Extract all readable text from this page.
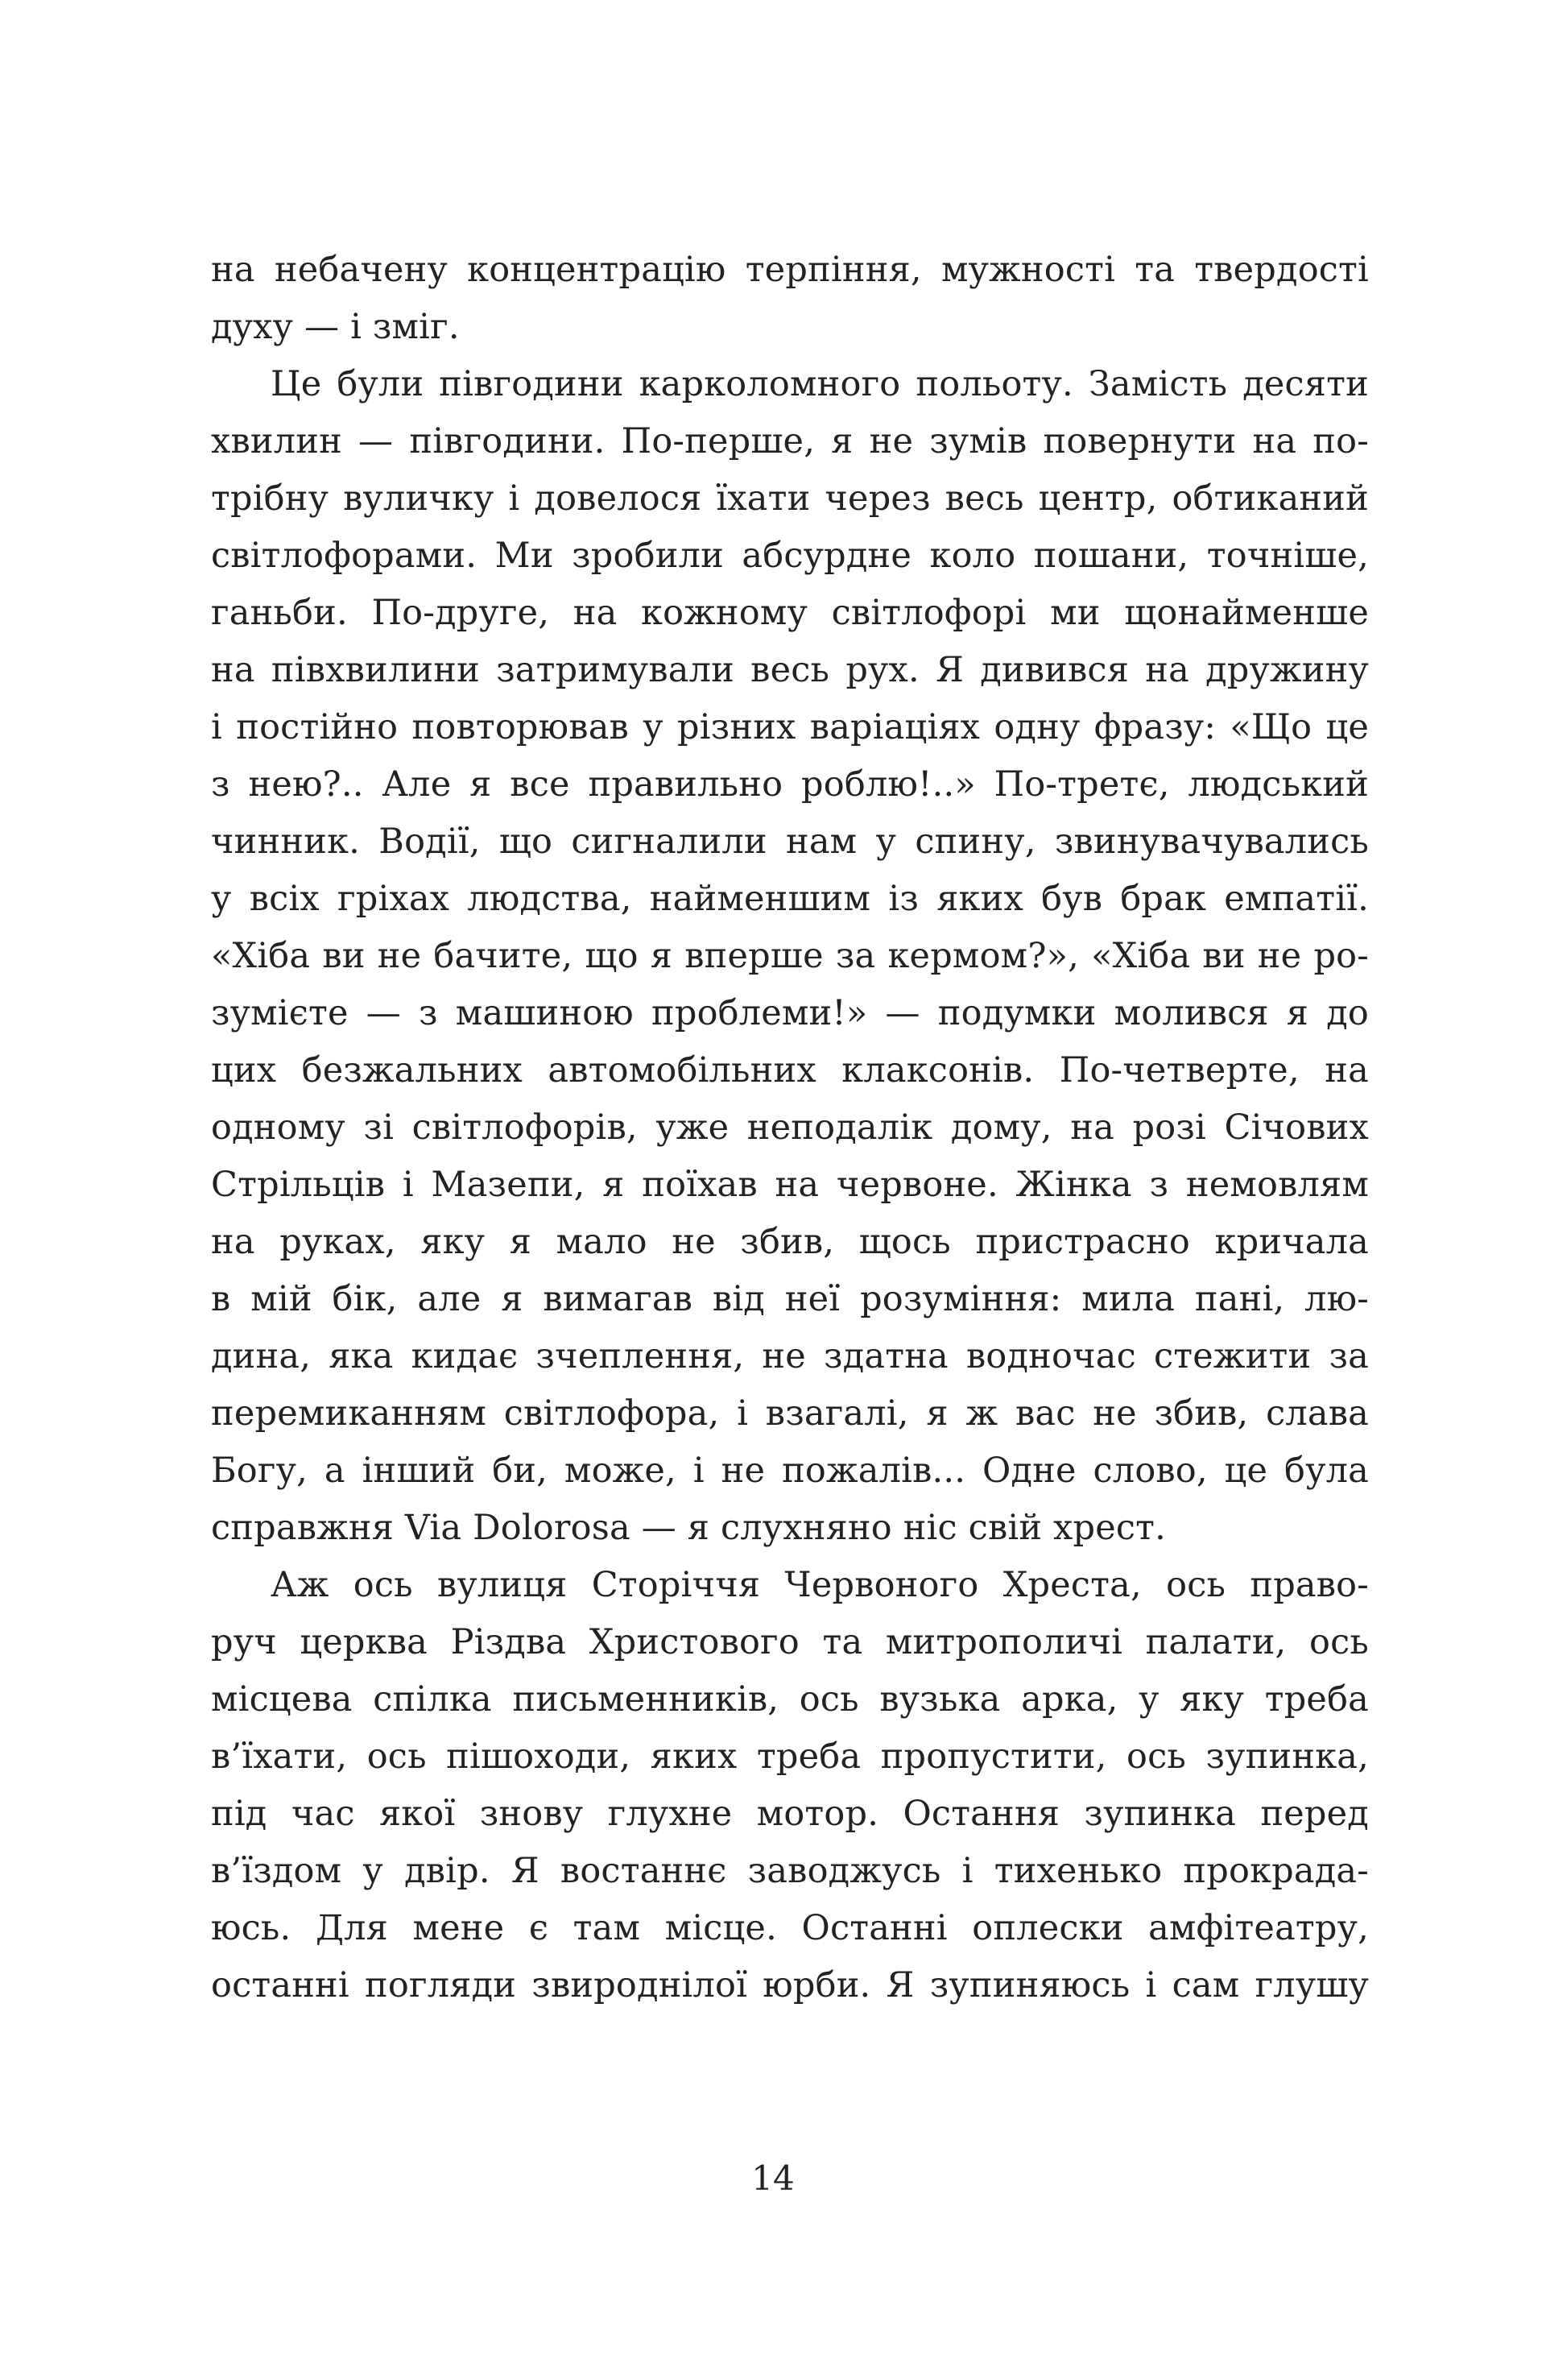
на небачену концентрацію терпіння, мужності та твердості
духу — і зміг.
Це були півгодини карколомного польоту. Замість десяти
хвилин — півгодини. По-перше, я не зумів повернути на по-
трібну вуличку і довелося їхати через весь центр, обтиканий
світлофорами. Ми зробили абсурдне коло пошани, точніше,
ганьби. По-друге, на кожному світлофорі ми щонайменше
на півхвилини затримували весь рух. Я дивився на дружину
і постійно повторював у різних варіаціях одну фразу: «Що це
з нею?.. Але я все правильно роблю!..» По-третє, людський
чинник. Водії, що сигналили нам у спину, звинувачувались
у всіх гріхах людства, найменшим із яких був брак емпатії.
«Хіба ви не бачите, що я вперше за кермом?», «Хіба ви не ро-
зумієте — з машиною проблеми!» — подумки молився я до
цих безжальних автомобільних клаксонів. По-четверте, на
одному зі світлофорів, уже неподалік дому, на розі Січових
Стрільців і Мазепи, я поїхав на червоне. Жінка з немовлям
на руках, яку я мало не збив, щось пристрасно кричала
в мій бік, але я вимагав від неї розуміння: мила пані, лю-
дина, яка кидає зчеплення, не здатна водночас стежити за
перемиканням світлофора, і взагалі, я ж вас не збив, слава
Богу, а інший би, може, і не пожалів... Одне слово, це була
справжня Via Dolorosa — я слухняно ніс свій хрест.
Аж ось вулиця Сторіччя Червоного Хреста, ось право-
руч церква Різдва Христового та митрополичі палати, ось
місцева спілка письменників, ось вузька арка, у яку треба
в’їхати, ось пішоходи, яких треба пропустити, ось зупинка,
під час якої знову глухне мотор. Остання зупинка перед
в’їздом у двір. Я востаннє заводжусь і тихенько прокрада-
юсь. Для мене є там місце. Останні оплески амфітеатру,
останні погляди звироднілої юрби. Я зупиняюсь і сам глушу
14
